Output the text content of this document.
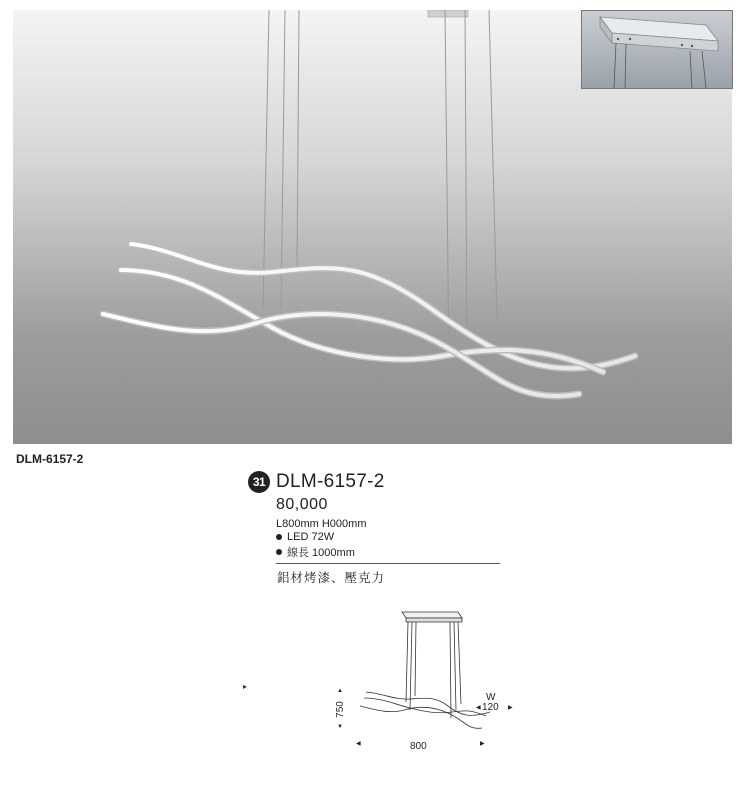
DLM-6157-2
31 DLM-6157-2
80,000
L800mm H000mm
LED 72W
線長 1000mm
鋁材烤漆、壓克力
▸	▲
750
▼
◀	800	▶
W
◀ 120 ▶
